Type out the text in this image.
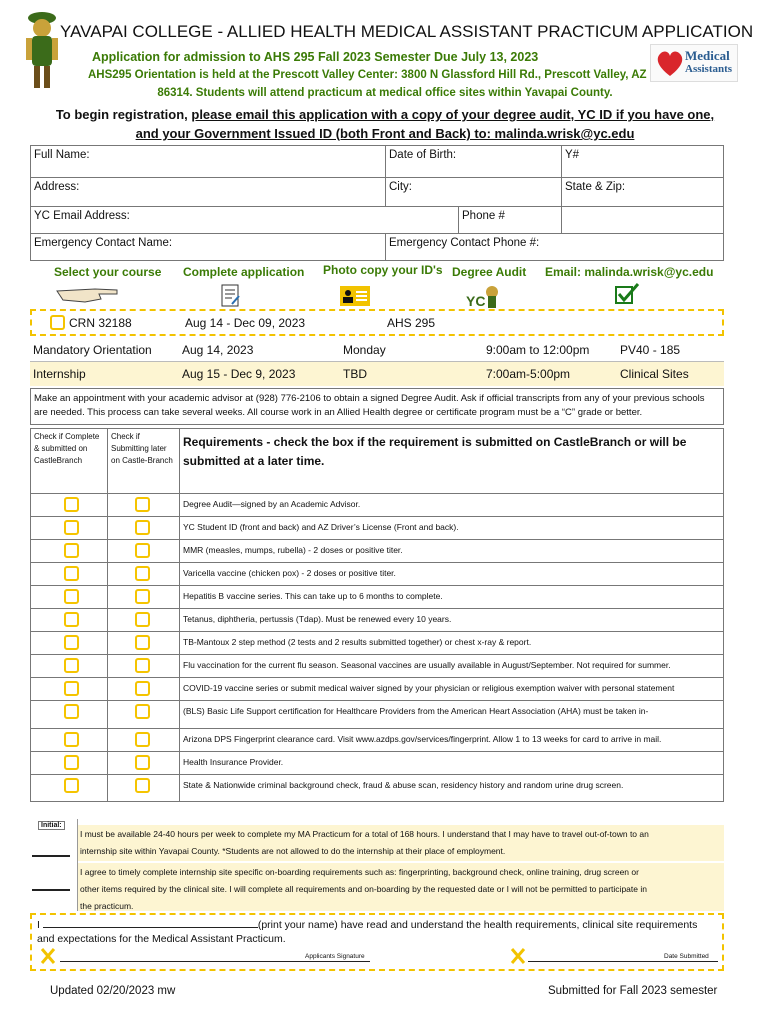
YAVAPAI COLLEGE - ALLIED HEALTH MEDICAL ASSISTANT PRACTICUM APPLICATION
Application for admission to AHS 295 Fall 2023 Semester Due July 13, 2023
AHS295 Orientation is held at the Prescott Valley Center: 3800 N Glassford Hill Rd., Prescott Valley, AZ
86314. Students will attend practicum at medical office sites within Yavapai County.
Medical
Assistants
To begin registration, please email this application with a copy of your degree audit, YC ID if you have one,
and your Government Issued ID (both Front and Back) to: malinda.wrisk@yc.edu
Full Name:	Date of Birth:	Y#
Address:	City:	State & Zip:

YC Email Address: Phone #		

Emergency Contact Name:	Emergency Contact Phone #:	
Select your course Complete application Photo copy your ID's Degree Audit Email: malinda.wrisk@yc.edu
YC
CRN 32188	Aug 14 - Dec 09, 2023	AHS 295
Mandatory Orientation	Aug 14, 2023	Monday	9:00am to 12:00pm	PV40 - 185
Internship	Aug 15 - Dec 9, 2023	TBD	7:00am-5:00pm	Clinical Sites
Make an appointment with your academic advisor at (928) 776-2106 to obtain a signed Degree Audit. Ask if official transcripts from any of your previous schools are needed. This process can take several weeks. All course work in an Allied Health degree or certificate program must be a “C” grade or better.
Check if Complete & submitted on CastleBranch
Check if Submitting later on Castle-Branch
Requirements - check the box if the requirement is submitted on CastleBranch or will be submitted at a later time.
Degree Audit—signed by an Academic Advisor.
YC Student ID (front and back) and AZ Driver’s License (Front and back).
MMR (measles, mumps, rubella) - 2 doses or positive titer.
Varicella vaccine (chicken pox) - 2 doses or positive titer.
Hepatitis B vaccine series. This can take up to 6 months to complete.
Tetanus, diphtheria, pertussis (Tdap). Must be renewed every 10 years.
TB-Mantoux 2 step method (2 tests and 2 results submitted together) or chest x-ray & report.
Flu vaccination for the current flu season. Seasonal vaccines are usually available in August/September. Not required for summer.
COVID-19 vaccine series or submit medical waiver signed by your physician or religious exemption waiver with personal statement
(BLS) Basic Life Support certification for Healthcare Providers from the American Heart Association (AHA) must be taken in-
Arizona DPS Fingerprint clearance card. Visit www.azdps.gov/services/fingerprint. Allow 1 to 13 weeks for card to arrive in mail.
Health Insurance Provider.
State & Nationwide criminal background check, fraud & abuse scan, residency history and random urine drug screen.
Initial:
I must be available 24-40 hours per week to complete my MA Practicum for a total of 168 hours. I understand that I may have to travel out-of-town to an
internship site within Yavapai County. *Students are not allowed to do the internship at their place of employment.
I agree to timely complete internship site specific on-boarding requirements such as: fingerprinting, background check, online training, drug screen or
other items required by the clinical site. I will complete all requirements and on-boarding by the requested date or I will not be permitted to participate in
the practicum.
I	(print your name) have read and understand the health requirements, clinical site requirements
and expectations for the Medical Assistant Practicum.
Applicants Signature	Date Submitted
Updated 02/20/2023 mw	Submitted for Fall 2023 semester
